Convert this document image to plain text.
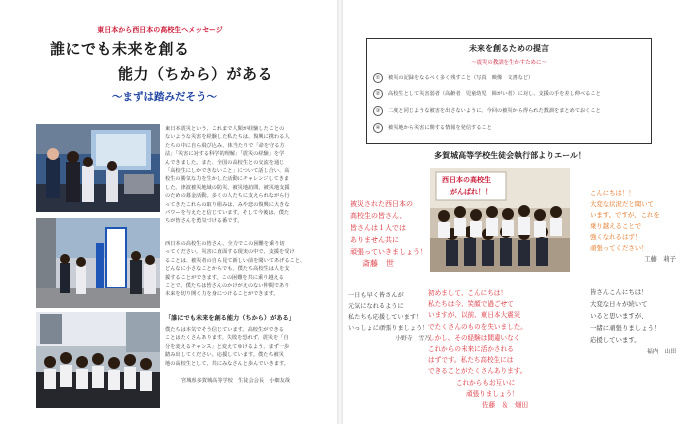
東日本から西日本の高校生へメッセージ
誰にでも未来を創る
能力（ちから）がある
〜まずは踏みだそう〜
東日本震災という、これまで人類が経験したことの
ないような災害を経験した私たちは、復興に携わる人
たちの中に自ら飛び込み、体当たりで「命を守る方
法」「災害に対する科学的理解」「震災の経験」を学
んできました。また、全国の高校生との交流を通じ
「高校生にしかできないこと」について話し合い、高
校生の勝気な力を生かした活動にチャレンジしてきま
した。津波被災地域の防災、被災地訪問、被災地支援
のための募金活動。多くの人たちに支えられながら行
ってきたこれらの取り組みは、みや恋の復興に大きな
パワーを与えたと信じています。そして今後は、僕た
ちが皆さんを勇気づける番です。
西日本の高校生の皆さん、全力でこの困難を乗り切
ってください。災害に直面する現実の中で、支援を受け
ることは、被災者の自ら見て新しい前を聞いてあげること、
どんなに小さなことからでも、僕たち高校生は人を支
援することができます。この困難を共に乗り越える
ことで、僕たちは皆さんのかけがえのない仲間であり
未来を切り開く力を身につけることができます。
「誰にでも未来を創る能力（ちから）がある」
僕たちは本気でそう信じています。高校生ができる
ことはたくさんあります。失敗を恐れず、震災を「自
分を変えるチャンス」と変えてゆけるよう、まず一歩
踏み出してください。応援しています。僕たち被災
地の高校生として、共にみなさんと歩んでいきます。
宮城県多賀城高等学校　生徒会会長　小畑友哉
未来を創るための提言
〜震災の教訓を生かすために〜
① 被災の記録をなるべく多く残すこと（写真　映像　文書など）
② 高校生として災害弱者（高齢者　児童幼児　障がい者）に対し、支援の手を差し伸べること
③ 二度と同じような被害を出さないように、今回の被災から得られた教訓をまとめておくこと
④ 被災地から災害に関する情報を発信すること
多賀城高等学校生徒会執行部よりエール！
西日本の高校生
がんばれ！！
被災された西日本の
高校生の皆さん、
皆さんは１人では
ありません共に
頑張っていきましょう！
斎藤　世
こんにちは！！
大変な状況だと聞いて
います。ですが、これを
乗り越えることで
強くなれるはず！
頑張ってください！
工藤　莉子
一日も早く皆さんが
元気になれるように
私たちも応援しています！
いっしょに頑張りましょう！
小野寺　雪乃
初めまして、こんにちは！
私たちは今、笑顔で過ごせて
いますが、以前、東日本大震災
でたくさんのものを失いました。
しかし、その経験は間違いなく
これからの未来に活かされる
はずです。私たち高校生には
できることがたくさんあります。
これからもお互いに
頑張りましょう！
佐藤　＆　畑田
皆さんこんにちは！
大変な日々が続いて
いると思いますが、
一緒に頑張りましょう！
応援しています。
福内　山田
